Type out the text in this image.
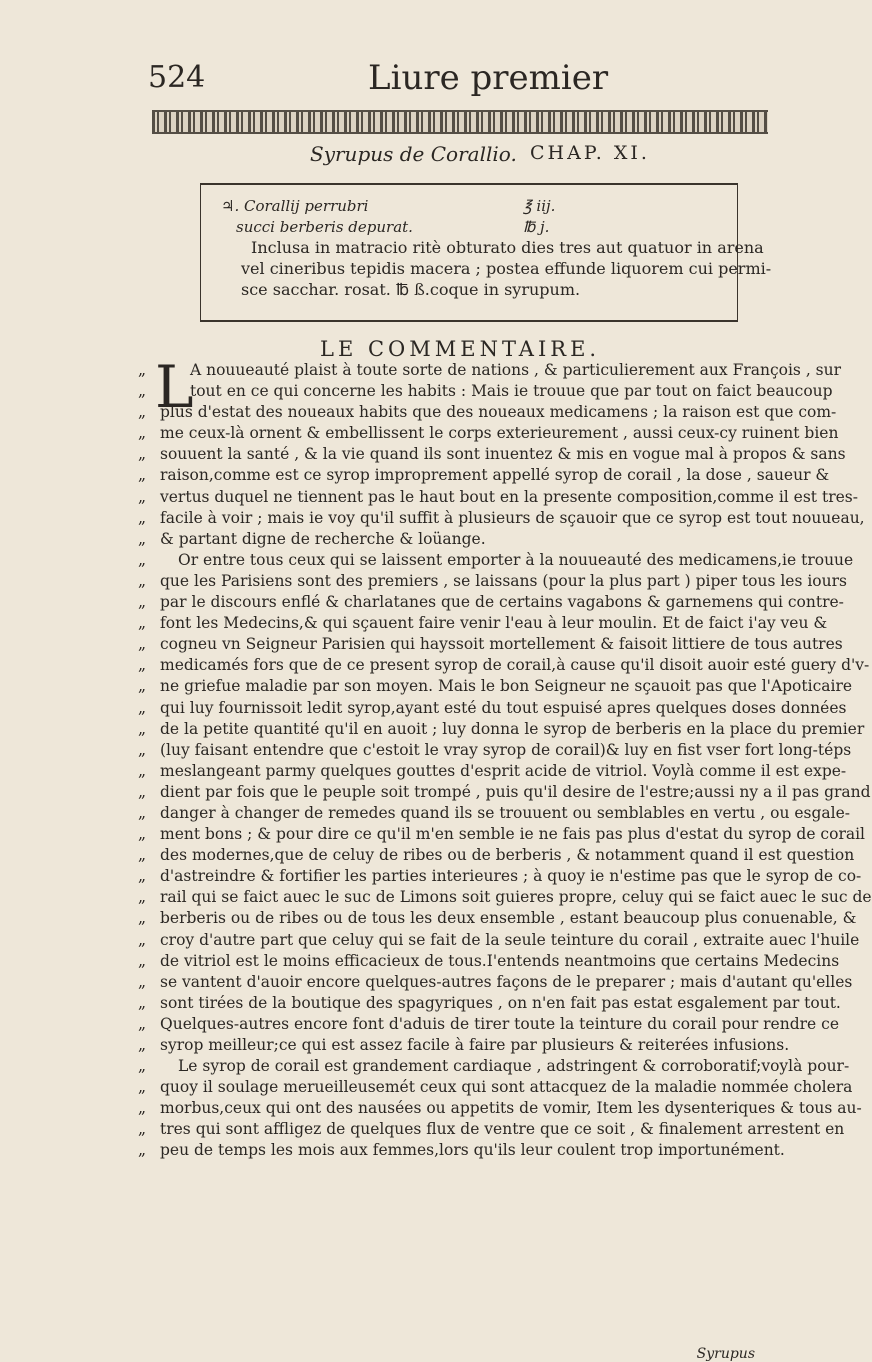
524	Liure premier
Syrupus de Corallio. CHAP. XI.
♃. Corallij perrubri	℥ iij.
succi berberis depurat.	℔ j.
Inclusa in matracio ritè obturato dies tres aut quatuor in arena
vel cineribus tepidis macera ; postea effunde liquorem cui permi-
sce sacchar. rosat. ℔ ß.coque in syrupum.
LE COMMENTAIRE.
L
„	A nouueauté plaist à toute sorte de nations , & particulierement aux François , sur
„	tout en ce qui concerne les habits : Mais ie trouue que par tout on faict beaucoup
„ plus d'estat des noueaux habits que des noueaux medicamens ; la raison est que com-
„ me ceux-là ornent & embellissent le corps exterieurement , aussi ceux-cy ruinent bien
„ souuent la santé , & la vie quand ils sont inuentez & mis en vogue mal à propos & sans
„ raison,comme est ce syrop improprement appellé syrop de corail , la dose , saueur &
„ vertus duquel ne tiennent pas le haut bout en la presente composition,comme il est tres-
„ facile à voir ; mais ie voy qu'il suffit à plusieurs de sçauoir que ce syrop est tout nouueau,
„ & partant digne de recherche & loüange.
„ Or entre tous ceux qui se laissent emporter à la nouueauté des medicamens,ie trouue
„ que les Parisiens sont des premiers , se laissans (pour la plus part ) piper tous les iours
„ par le discours enflé & charlatanes que de certains vagabons & garnemens qui contre-
„ font les Medecins,& qui sçauent faire venir l'eau à leur moulin. Et de faict i'ay veu &
„ cogneu vn Seigneur Parisien qui hayssoit mortellement & faisoit littiere de tous autres
„ medicamés fors que de ce present syrop de corail,à cause qu'il disoit auoir esté guery d'v-
„ ne griefue maladie par son moyen. Mais le bon Seigneur ne sçauoit pas que l'Apoticaire
„ qui luy fournissoit ledit syrop,ayant esté du tout espuisé apres quelques doses données
„ de la petite quantité qu'il en auoit ; luy donna le syrop de berberis en la place du premier
„ (luy faisant entendre que c'estoit le vray syrop de corail)& luy en fist vser fort long-téps
„ meslangeant parmy quelques gouttes d'esprit acide de vitriol. Voylà comme il est expe-
„ dient par fois que le peuple soit trompé , puis qu'il desire de l'estre;aussi ny a il pas grand
„ danger à changer de remedes quand ils se trouuent ou semblables en vertu , ou esgale-
„ ment bons ; & pour dire ce qu'il m'en semble ie ne fais pas plus d'estat du syrop de corail
„ des modernes,que de celuy de ribes ou de berberis , & notamment quand il est question
„ d'astreindre & fortifier les parties interieures ; à quoy ie n'estime pas que le syrop de co-
„ rail qui se faict auec le suc de Limons soit guieres propre, celuy qui se faict auec le suc de
„ berberis ou de ribes ou de tous les deux ensemble , estant beaucoup plus conuenable, &
„ croy d'autre part que celuy qui se fait de la seule teinture du corail , extraite auec l'huile
„ de vitriol est le moins efficacieux de tous.I'entends neantmoins que certains Medecins
„ se vantent d'auoir encore quelques-autres façons de le preparer ; mais d'autant qu'elles
„ sont tirées de la boutique des spagyriques , on n'en fait pas estat esgalement par tout.
„ Quelques-autres encore font d'aduis de tirer toute la teinture du corail pour rendre ce
„ syrop meilleur;ce qui est assez facile à faire par plusieurs & reiterées infusions.
„ Le syrop de corail est grandement cardiaque , adstringent & corroboratif;voylà pour-
„ quoy il soulage merueilleusemét ceux qui sont attacquez de la maladie nommée cholera
„ morbus,ceux qui ont des nausées ou appetits de vomir, Item les dysenteriques & tous au-
„ tres qui sont affligez de quelques flux de ventre que ce soit , & finalement arrestent en
„ peu de temps les mois aux femmes,lors qu'ils leur coulent trop importunément.
Syrupus
